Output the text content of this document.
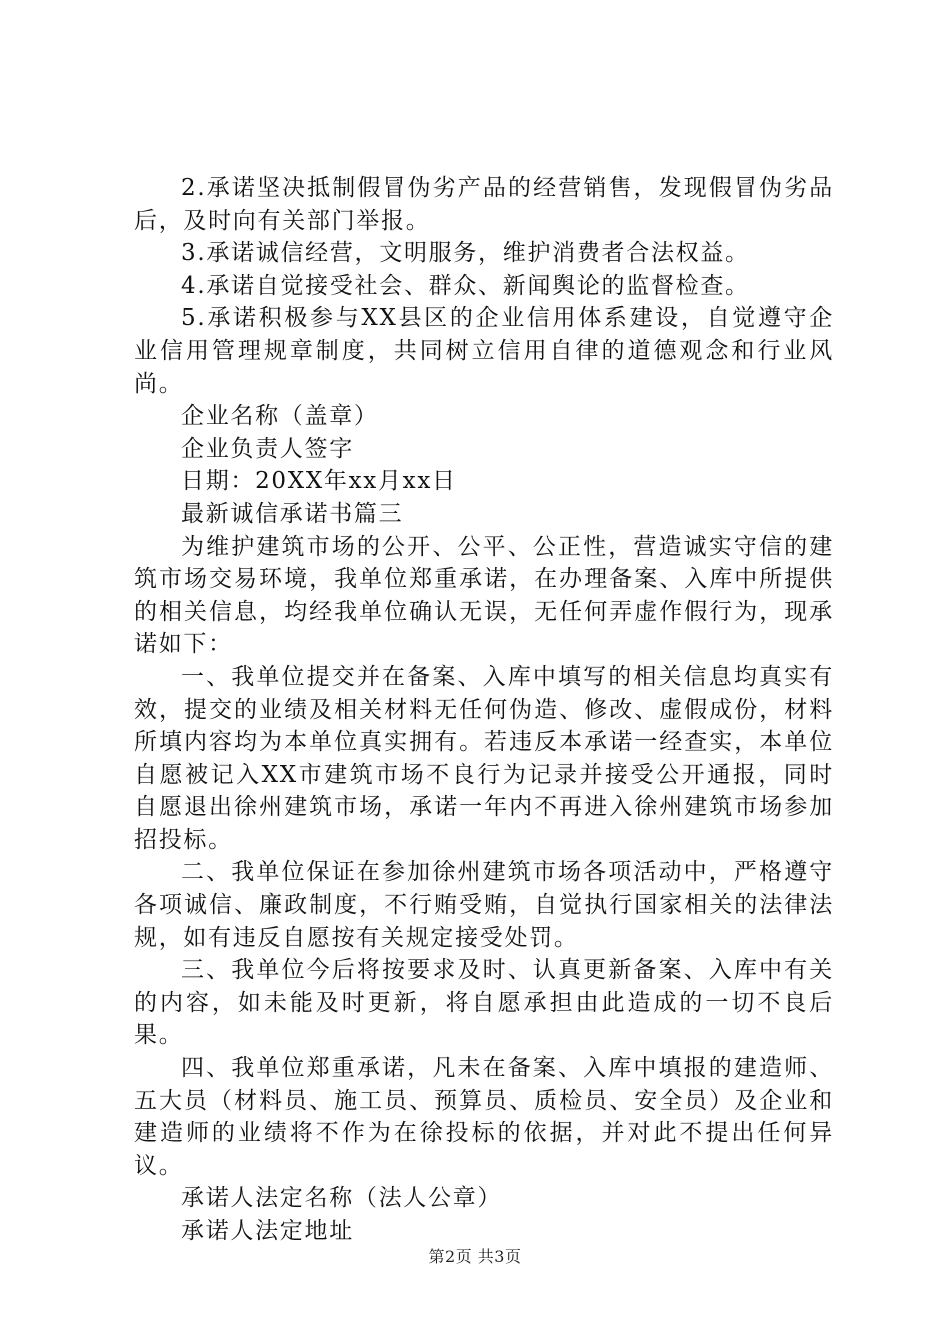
2.承诺坚决抵制假冒伪劣产品的经营销售，发现假冒伪劣品后，及时向有关部门举报。

3.承诺诚信经营，文明服务，维护消费者合法权益。

4.承诺自觉接受社会、群众、新闻舆论的监督检查。

5.承诺积极参与XX县区的企业信用体系建设，自觉遵守企业信用管理规章制度，共同树立信用自律的道德观念和行业风尚。

企业名称（盖章）

企业负责人签字

日期：20XX年xx月xx日

最新诚信承诺书篇三

为维护建筑市场的公开、公平、公正性，营造诚实守信的建筑市场交易环境，我单位郑重承诺，在办理备案、入库中所提供的相关信息，均经我单位确认无误，无任何弄虚作假行为，现承诺如下：

一、我单位提交并在备案、入库中填写的相关信息均真实有效，提交的业绩及相关材料无任何伪造、修改、虚假成份，材料所填内容均为本单位真实拥有。若违反本承诺一经查实，本单位自愿被记入XX市建筑市场不良行为记录并接受公开通报，同时自愿退出徐州建筑市场，承诺一年内不再进入徐州建筑市场参加招投标。

二、我单位保证在参加徐州建筑市场各项活动中，严格遵守各项诚信、廉政制度，不行贿受贿，自觉执行国家相关的法律法规，如有违反自愿按有关规定接受处罚。

三、我单位今后将按要求及时、认真更新备案、入库中有关的内容，如未能及时更新，将自愿承担由此造成的一切不良后果。

四、我单位郑重承诺，凡未在备案、入库中填报的建造师、五大员（材料员、施工员、预算员、质检员、安全员）及企业和建造师的业绩将不作为在徐投标的依据，并对此不提出任何异议。

承诺人法定名称（法人公章）

承诺人法定地址

第2页 共3页
